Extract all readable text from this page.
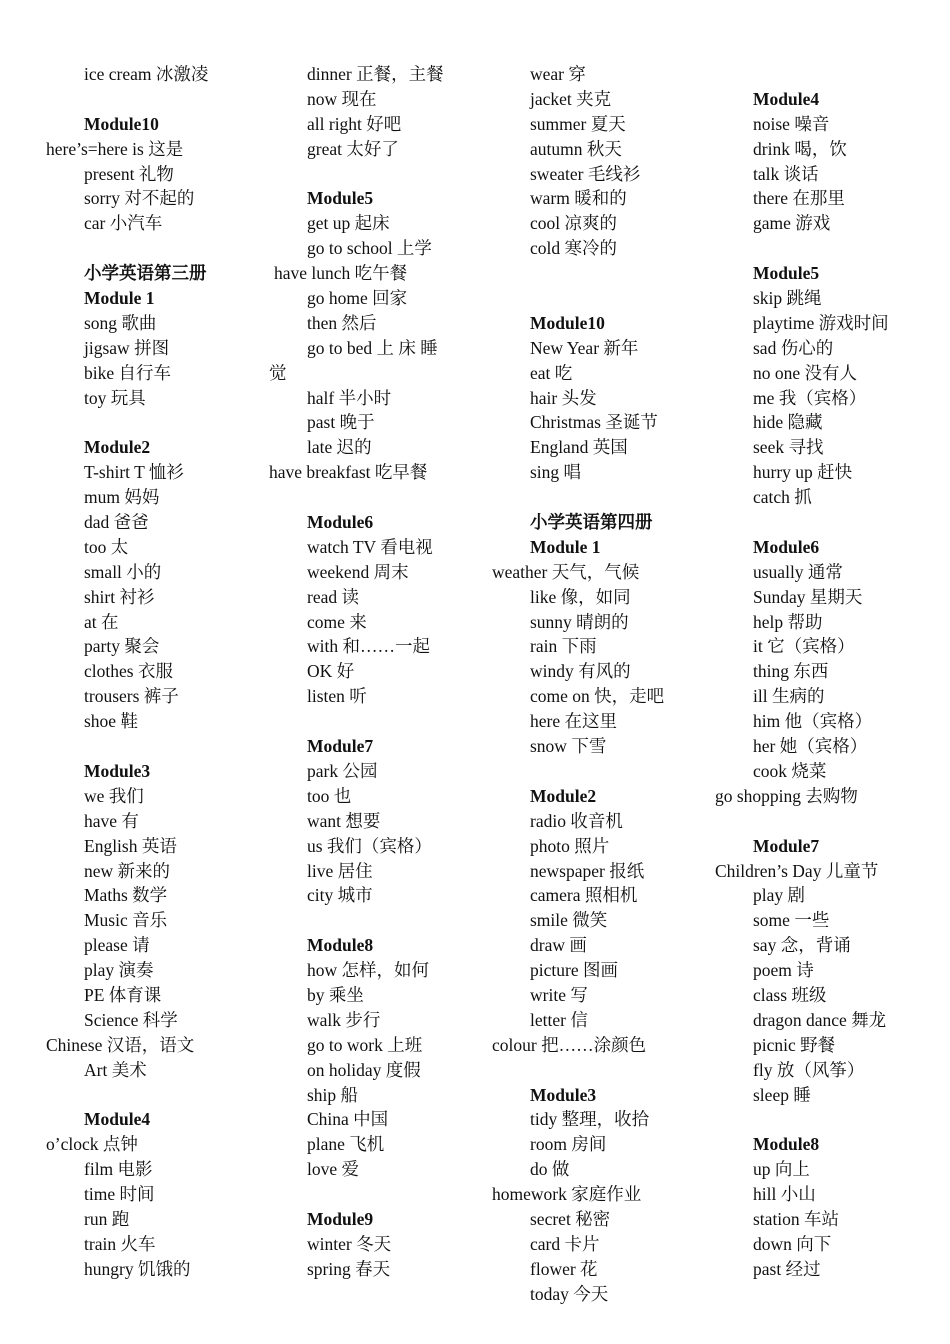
ice cream 冰激凌
Module10
here’s=here is 这是
present 礼物
sorry 对不起的
car 小汽车
小学英语第三册
Module 1
song 歌曲
jigsaw 拼图
bike 自行车
toy 玩具
Module2
T-shirt T 恤衫
mum 妈妈
dad 爸爸
too 太
small 小的
shirt 衬衫
at 在
party 聚会
clothes 衣服
trousers 裤子
shoe 鞋
Module3
we 我们
have 有
English 英语
new 新来的
Maths 数学
Music 音乐
please 请
play 演奏
PE 体育课
Science 科学
Chinese 汉语，语文
Art 美术
Module4
o’clock 点钟
film 电影
time 时间
run 跑
train 火车
hungry 饥饿的
dinner 正餐，主餐
now 现在
all right 好吧
great 太好了
Module5
get up 起床
go to school 上学
have lunch 吃午餐
go home 回家
then 然后
go to bed 上 床 睡
觉
half 半小时
past 晚于
late 迟的
have breakfast 吃早餐
Module6
watch TV 看电视
weekend 周末
read 读
come 来
with 和……一起
OK 好
listen 听
Module7
park 公园
too 也
want 想要
us 我们（宾格）
live 居住
city 城市
Module8
how 怎样，如何
by 乘坐
walk 步行
go to work 上班
on holiday 度假
ship 船
China 中国
plane 飞机
love 爱
Module9
winter 冬天
spring 春天
wear 穿
jacket 夹克
summer 夏天
autumn 秋天
sweater 毛线衫
warm 暖和的
cool 凉爽的
cold 寒冷的
Module10
New Year 新年
eat 吃
hair 头发
Christmas 圣诞节
England 英国
sing 唱
小学英语第四册
Module 1
weather 天气，气候
like 像，如同
sunny 晴朗的
rain 下雨
windy 有风的
come on 快，走吧
here 在这里
snow 下雪
Module2
radio 收音机
photo 照片
newspaper 报纸
camera 照相机
smile 微笑
draw 画
picture 图画
write 写
letter 信
colour 把……涂颜色
Module3
tidy 整理，收拾
room 房间
do 做
homework 家庭作业
secret 秘密
card 卡片
flower 花
today 今天
Module4
noise 噪音
drink 喝，饮
talk 谈话
there 在那里
game 游戏
Module5
skip 跳绳
playtime 游戏时间
sad 伤心的
no one 没有人
me 我（宾格）
hide 隐藏
seek 寻找
hurry up 赶快
catch 抓
Module6
usually 通常
Sunday 星期天
help 帮助
it 它（宾格）
thing 东西
ill 生病的
him 他（宾格）
her 她（宾格）
cook 烧菜
go shopping 去购物
Module7
Children’s Day 儿童节
play 剧
some 一些
say 念，背诵
poem 诗
class 班级
dragon dance 舞龙
picnic 野餐
fly 放（风筝）
sleep 睡
Module8
up 向上
hill 小山
station 车站
down 向下
past 经过
